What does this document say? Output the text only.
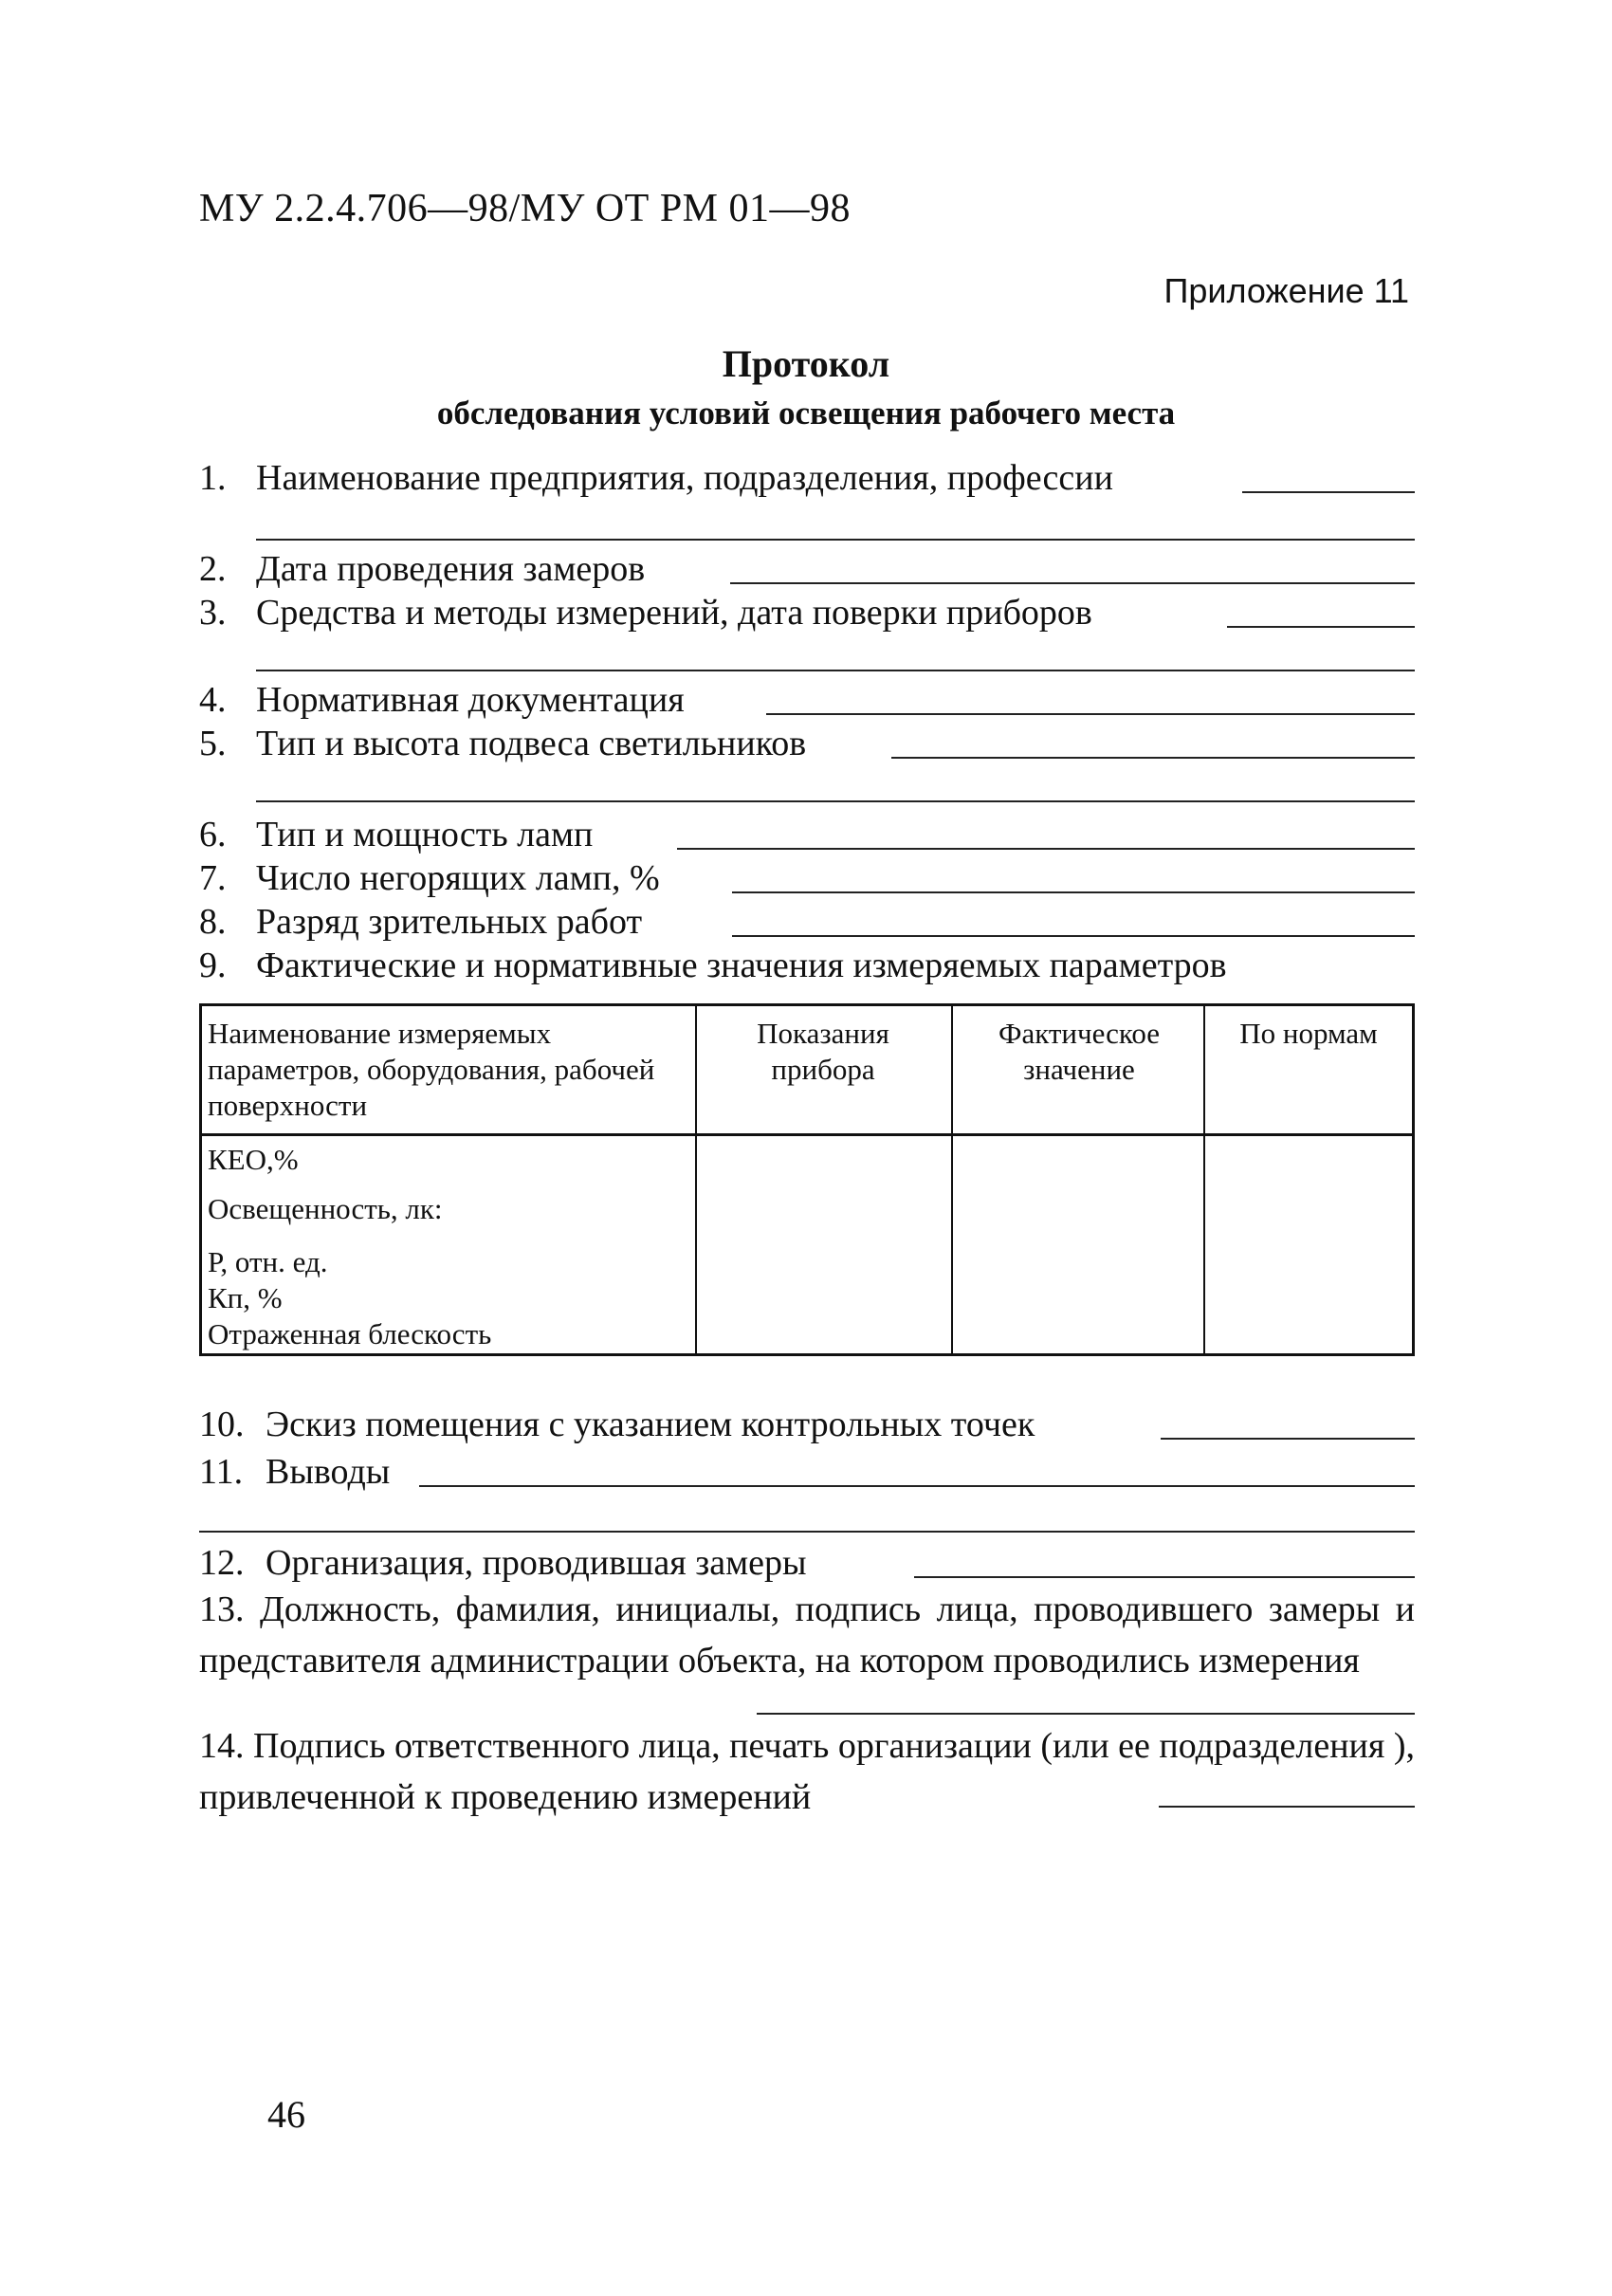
МУ 2.2.4.706—98/МУ ОТ РМ 01—98
Приложение 11
Протокол
обследования условий освещения рабочего места
1. Наименование предприятия, подразделения, профессии
2. Дата проведения замеров
3. Средства и методы измерений, дата поверки приборов
4. Нормативная документация
5. Тип и высота подвеса светильников
6. Тип и мощность ламп
7. Число негорящих ламп, %
8. Разряд зрительных работ
9. Фактические и нормативные значения измеряемых параметров
Наименование измеряемых параметров, оборудования, рабочей поверхности
Показания прибора
Фактическое значение
По нормам
КЕО,%
Освещенность, лк:
Р, отн. ед.
Кп, %
Отраженная блескость
10. Эскиз помещения с указанием контрольных точек
11. Выводы
12. Организация, проводившая замеры
13. Должность, фамилия, инициалы, подпись лица, проводившего замеры и представителя администрации объекта, на котором проводились измерения
14. Подпись ответственного лица, печать организации (или ее подразделения ), привлеченной к проведению измерений
46
